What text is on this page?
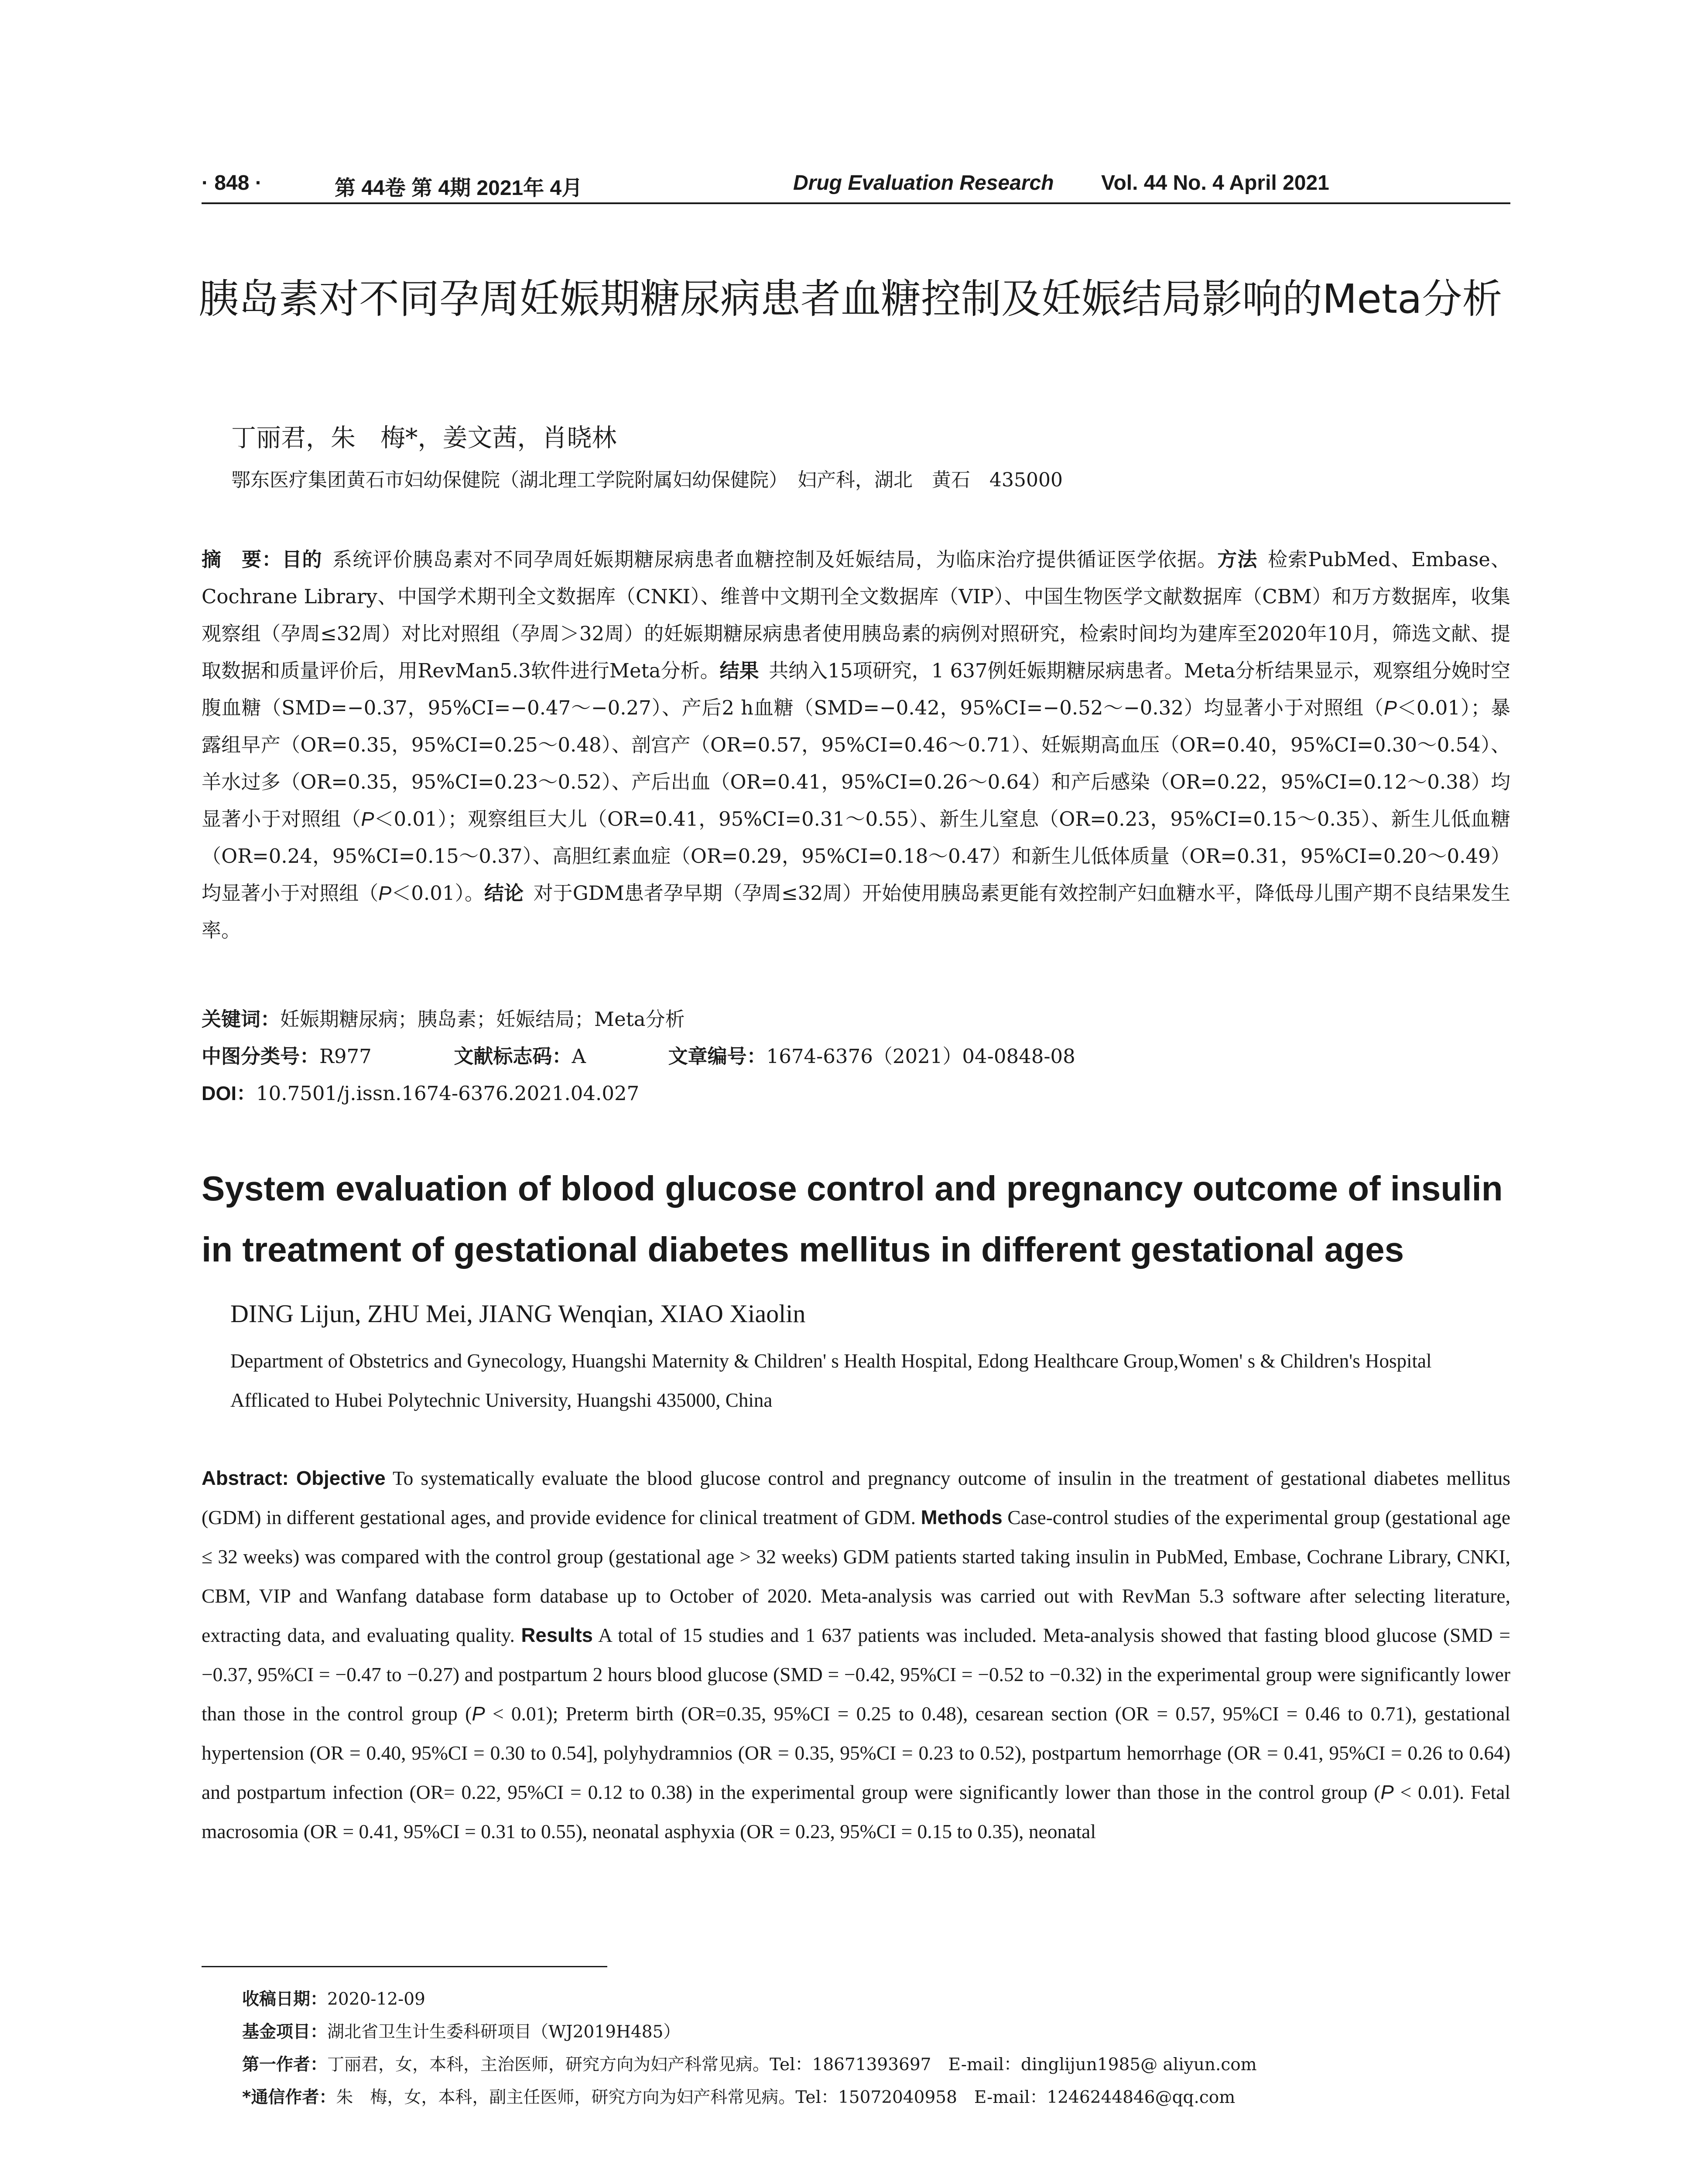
· 848 ·	第 44卷 第 4期 2021年 4月	Drug Evaluation Research Vol. 44 No. 4 April 2021
胰岛素对不同孕周妊娠期糖尿病患者血糖控制及妊娠结局影响的Meta分析
丁丽君，朱　梅*，姜文茜，肖晓林
鄂东医疗集团黄石市妇幼保健院（湖北理工学院附属妇幼保健院）　妇产科，湖北　黄石　435000
摘　要：目的  系统评价胰岛素对不同孕周妊娠期糖尿病患者血糖控制及妊娠结局，为临床治疗提供循证医学依据。方法  检索PubMed、Embase、Cochrane Library、中国学术期刊全文数据库（CNKI）、维普中文期刊全文数据库（VIP）、中国生物医学文献数据库（CBM）和万方数据库，收集观察组（孕周≤32周）对比对照组（孕周＞32周）的妊娠期糖尿病患者使用胰岛素的病例对照研究，检索时间均为建库至2020年10月，筛选文献、提取数据和质量评价后，用RevMan5.3软件进行Meta分析。结果  共纳入15项研究，1 637例妊娠期糖尿病患者。Meta分析结果显示，观察组分娩时空腹血糖（SMD=−0.37，95%CI=−0.47～−0.27）、产后2 h血糖（SMD=−0.42，95%CI=−0.52～−0.32）均显著小于对照组（P＜0.01）；暴露组早产（OR=0.35，95%CI=0.25～0.48）、剖宫产（OR=0.57，95%CI=0.46～0.71）、妊娠期高血压（OR=0.40，95%CI=0.30～0.54）、羊水过多（OR=0.35，95%CI=0.23～0.52）、产后出血（OR=0.41，95%CI=0.26～0.64）和产后感染（OR=0.22，95%CI=0.12～0.38）均显著小于对照组（P＜0.01）；观察组巨大儿（OR=0.41，95%CI=0.31～0.55）、新生儿窒息（OR=0.23，95%CI=0.15～0.35）、新生儿低血糖（OR=0.24，95%CI=0.15～0.37）、高胆红素血症（OR=0.29，95%CI=0.18～0.47）和新生儿低体质量（OR=0.31，95%CI=0.20～0.49）均显著小于对照组（P＜0.01）。结论  对于GDM患者孕早期（孕周≤32周）开始使用胰岛素更能有效控制产妇血糖水平，降低母儿围产期不良结果发生率。
关键词：妊娠期糖尿病；胰岛素；妊娠结局；Meta分析
中图分类号：R977	文献标志码：A	文章编号：1674-6376（2021）04-0848-08
DOI：10.7501/j.issn.1674-6376.2021.04.027
System evaluation of blood glucose control and pregnancy outcome of insulin in treatment of gestational diabetes mellitus in different gestational ages
DING Lijun, ZHU Mei, JIANG Wenqian, XIAO Xiaolin
Department of Obstetrics and Gynecology, Huangshi Maternity & Children' s Health Hospital, Edong Healthcare Group,Women' s & Children's Hospital Afflicated to Hubei Polytechnic University, Huangshi 435000, China
Abstract: Objective To systematically evaluate the blood glucose control and pregnancy outcome of insulin in the treatment of gestational diabetes mellitus (GDM) in different gestational ages, and provide evidence for clinical treatment of GDM. Methods Case-control studies of the experimental group (gestational age ≤ 32 weeks) was compared with the control group (gestational age > 32 weeks) GDM patients started taking insulin in PubMed, Embase, Cochrane Library, CNKI, CBM, VIP and Wanfang database form database up to October of 2020. Meta-analysis was carried out with RevMan 5.3 software after selecting literature, extracting data, and evaluating quality. Results A total of 15 studies and 1 637 patients was included. Meta-analysis showed that fasting blood glucose (SMD = −0.37, 95%CI = −0.47 to −0.27) and postpartum 2 hours blood glucose (SMD = −0.42, 95%CI = −0.52 to −0.32) in the experimental group were significantly lower than those in the control group (P < 0.01); Preterm birth (OR=0.35, 95%CI = 0.25 to 0.48), cesarean section (OR = 0.57, 95%CI = 0.46 to 0.71), gestational hypertension (OR = 0.40, 95%CI = 0.30 to 0.54], polyhydramnios (OR = 0.35, 95%CI = 0.23 to 0.52), postpartum hemorrhage (OR = 0.41, 95%CI = 0.26 to 0.64) and postpartum infection (OR= 0.22, 95%CI = 0.12 to 0.38) in the experimental group were significantly lower than those in the control group (P < 0.01). Fetal macrosomia (OR = 0.41, 95%CI = 0.31 to 0.55), neonatal asphyxia (OR = 0.23, 95%CI = 0.15 to 0.35), neonatal
收稿日期：2020-12-09
基金项目：湖北省卫生计生委科研项目（WJ2019H485）
第一作者：丁丽君，女，本科，主治医师，研究方向为妇产科常见病。Tel：18671393697　E-mail：dinglijun1985@ aliyun.com
*通信作者：朱　梅，女，本科，副主任医师，研究方向为妇产科常见病。Tel：15072040958　E-mail：1246244846@qq.com
